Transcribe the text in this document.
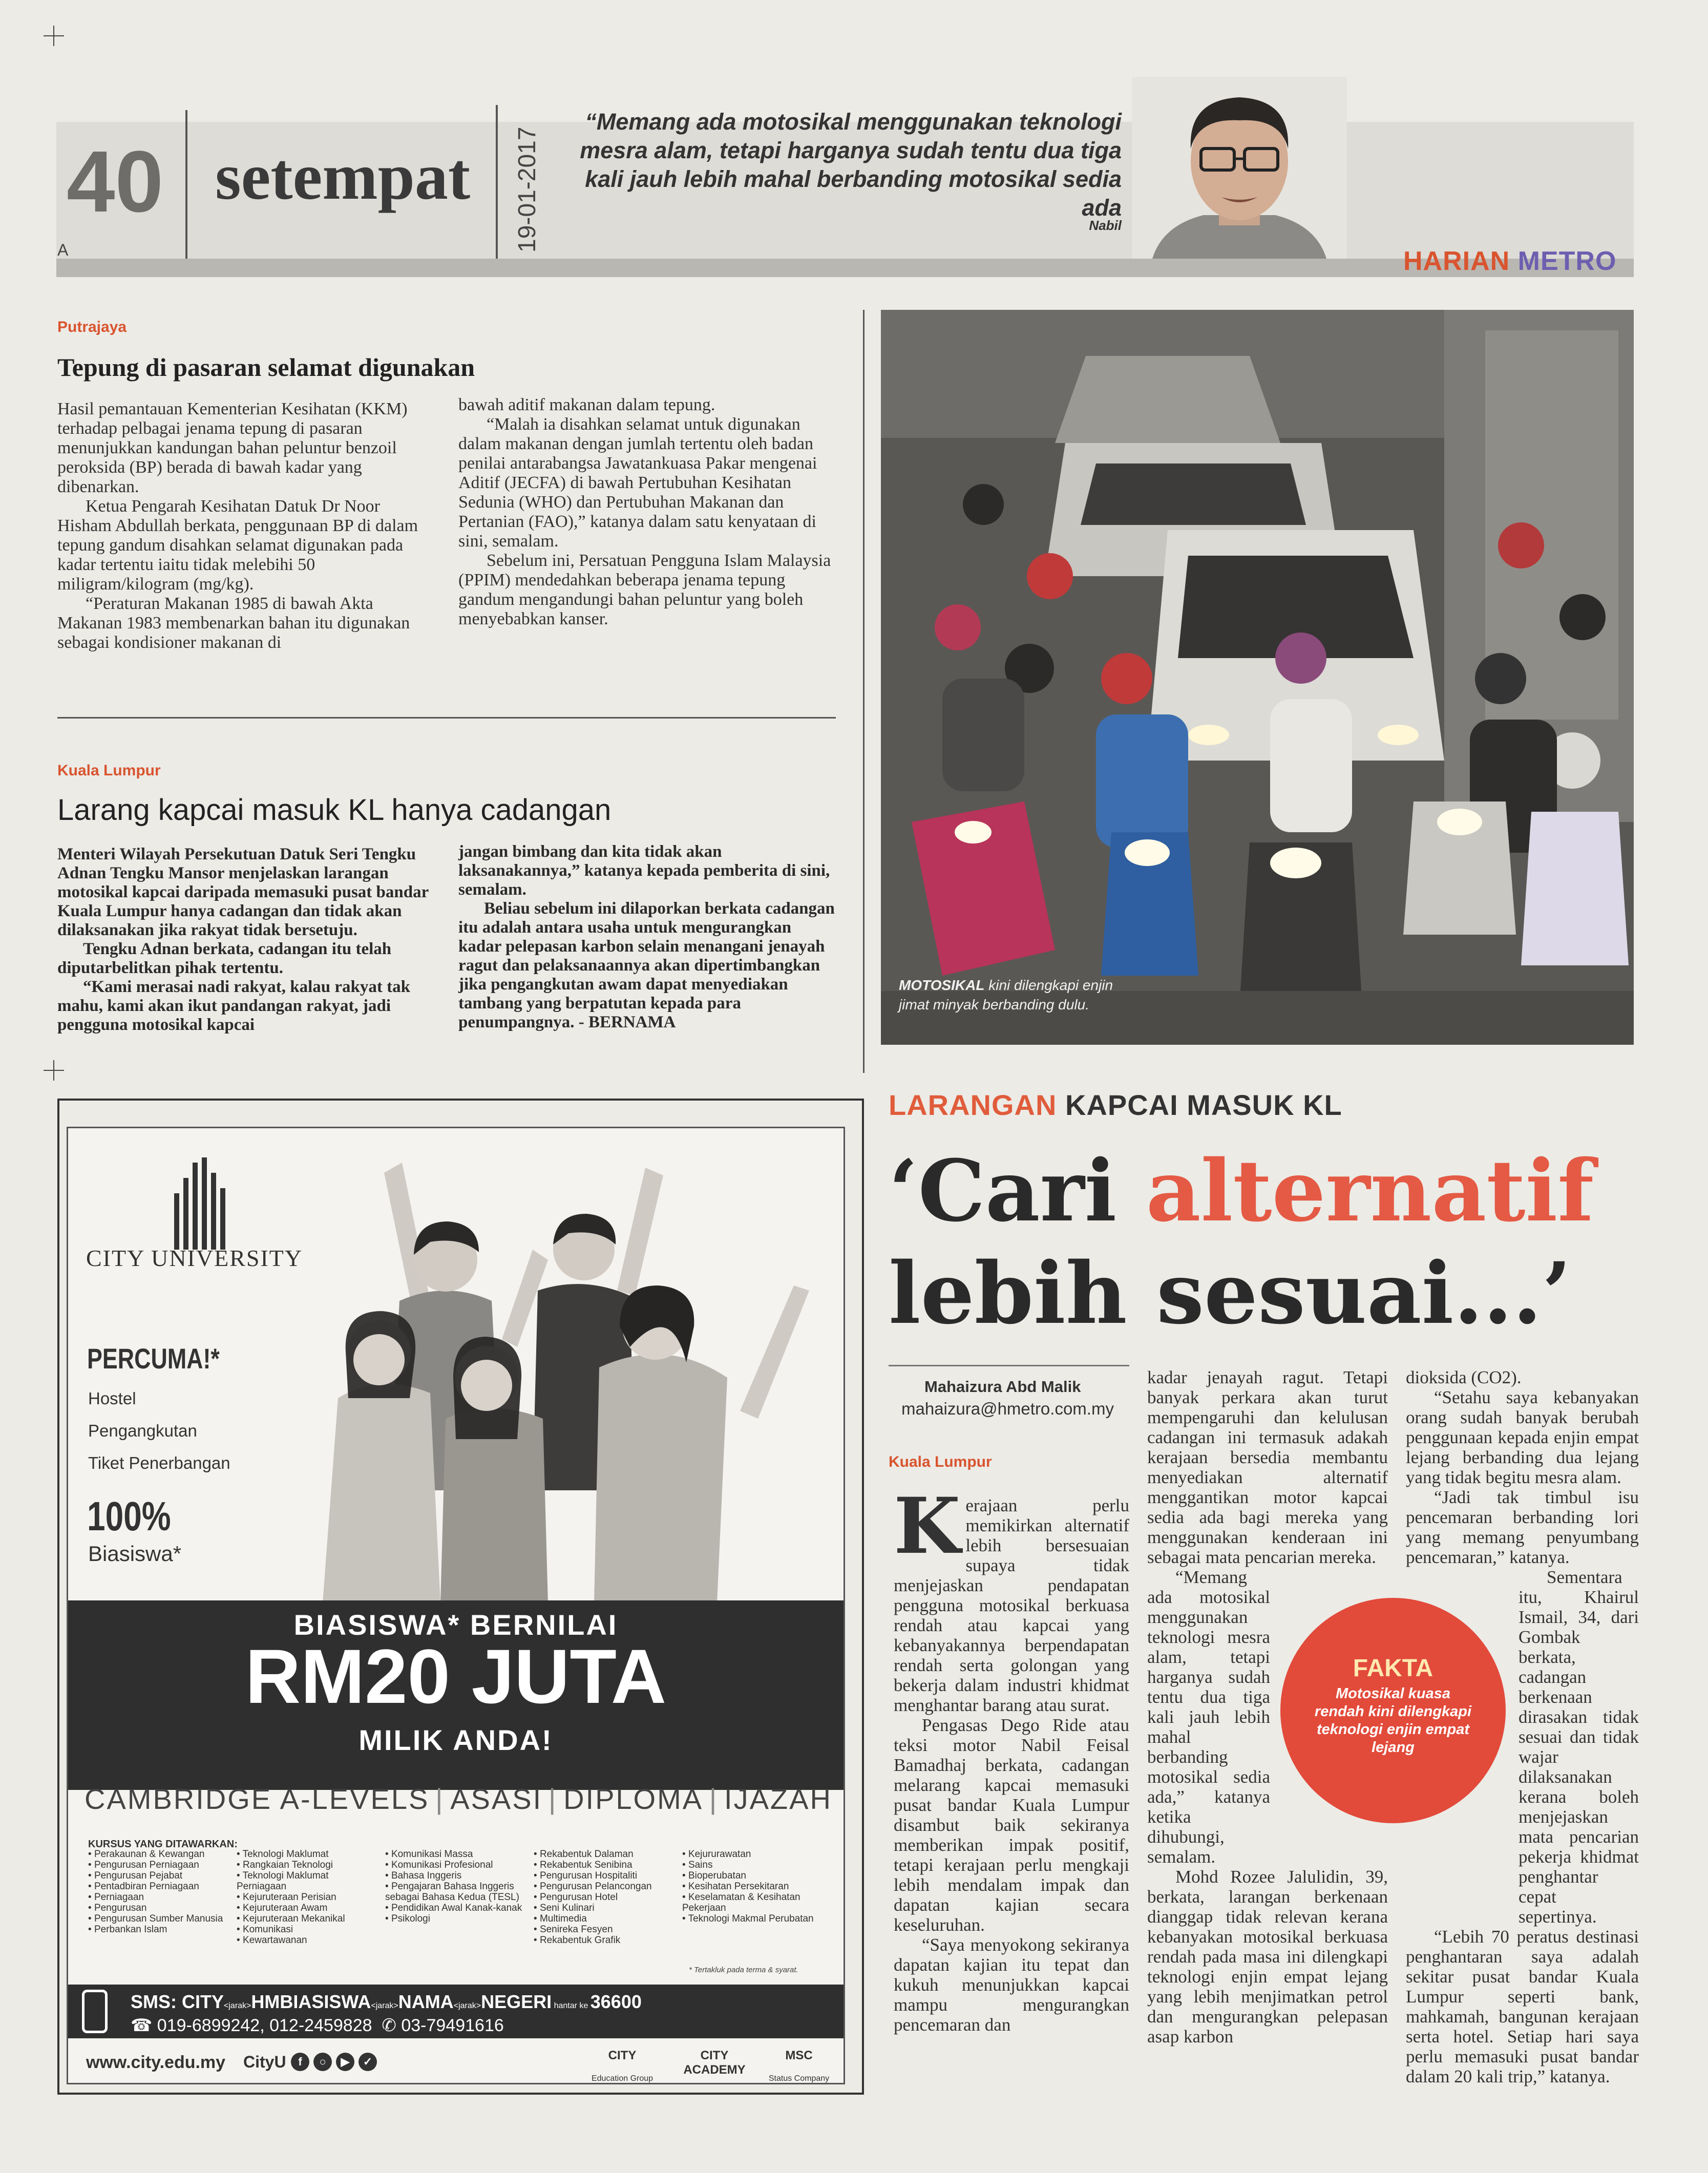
40
A
setempat 19-01-2017
“Memang ada motosikal menggunakan teknologi mesra alam, tetapi harganya sudah tentu dua tiga kali jauh lebih mahal berbanding motosikal sedia ada
Nabil
HARIAN METRO
Putrajaya
Tepung di pasaran selamat digunakan

Hasil pemantauan Kementerian Kesihatan (KKM) terhadap pelbagai jenama tepung di pasaran menunjukkan kandungan bahan peluntur benzoil peroksida (BP) berada di bawah kadar yang dibenarkan.

Ketua Pengarah Kesihatan Datuk Dr Noor Hisham Abdullah berkata, penggunaan BP di dalam tepung gandum disahkan selamat digunakan pada kadar tertentu iaitu tidak melebihi 50 miligram/kilogram (mg/kg).

“Peraturan Makanan 1985 di bawah Akta Makanan 1983 membenarkan bahan itu digunakan sebagai kondisioner makanan di

bawah aditif makanan dalam tepung.

“Malah ia disahkan selamat untuk digunakan dalam makanan dengan jumlah tertentu oleh badan penilai antarabangsa Jawatankuasa Pakar mengenai Aditif (JECFA) di bawah Pertubuhan Kesihatan Sedunia (WHO) dan Pertubuhan Makanan dan Pertanian (FAO),” katanya dalam satu kenyataan di sini, semalam.

Sebelum ini, Persatuan Pengguna Islam Malaysia (PPIM) mendedahkan beberapa jenama tepung gandum mengandungi bahan peluntur yang boleh menyebabkan kanser.

Kuala Lumpur
Larang kapcai masuk KL hanya cadangan

Menteri Wilayah Persekutuan Datuk Seri Tengku Adnan Tengku Mansor menjelaskan larangan motosikal kapcai daripada memasuki pusat bandar Kuala Lumpur hanya cadangan dan tidak akan dilaksanakan jika rakyat tidak bersetuju.

Tengku Adnan berkata, cadangan itu telah diputarbelitkan pihak tertentu.

“Kami merasai nadi rakyat, kalau rakyat tak mahu, kami akan ikut pandangan rakyat, jadi pengguna motosikal kapcai

jangan bimbang dan kita tidak akan laksanakannya,” katanya kepada pemberita di sini, semalam.

Beliau sebelum ini dilaporkan berkata cadangan itu adalah antara usaha untuk mengurangkan kadar pelepasan karbon selain menangani jenayah ragut dan pelaksanaannya akan dipertimbangkan jika pengangkutan awam dapat menyediakan tambang yang berpatutan kepada para penumpangnya. - BERNAMA

MOTOSIKAL kini dilengkapi enjin jimat minyak berbanding dulu.
CITY UNIVERSITY
PERCUMA!*
Hostel
Pengangkutan
Tiket Penerbangan
100%
Biasiswa*
BIASISWA* BERNILAI
RM20 JUTA
MILIK ANDA!
CAMBRIDGE A-LEVELS | ASASI | DIPLOMA | IJAZAH
KURSUS YANG DITAWARKAN:
• Perakaunan & Kewangan
• Pengurusan Perniagaan
• Pengurusan Pejabat
• Pentadbiran Perniagaan
• Perniagaan
• Pengurusan
• Pengurusan Sumber Manusia
• Perbankan Islam
• Teknologi Maklumat
• Rangkaian Teknologi
• Teknologi Maklumat Perniagaan
• Kejuruteraan Perisian
• Kejuruteraan Awam
• Kejuruteraan Mekanikal
• Komunikasi
• Kewartawanan
• Komunikasi Massa
• Komunikasi Profesional
• Bahasa Inggeris
• Pengajaran Bahasa Inggeris sebagai Bahasa Kedua (TESL)
• Pendidikan Awal Kanak-kanak
• Psikologi
• Rekabentuk Dalaman
• Rekabentuk Senibina
• Pengurusan Hospitaliti
• Pengurusan Pelancongan
• Pengurusan Hotel
• Seni Kulinari
• Multimedia
• Senireka Fesyen
• Rekabentuk Grafik
• Kejururawatan
• Sains
• Bioperubatan
• Kesihatan Persekitaran
• Keselamatan & Kesihatan Pekerjaan
• Teknologi Makmal Perubatan
* Tertakluk pada terma & syarat.
SMS: CITY<jarak>HMBIASISWA<jarak>NAMA<jarak>NEGERI hantar ke 36600
☎ 019-6899242, 012-2459828  ✆ 03-79491616
www.city.edu.my CityU	f	○	▶	✓	CITY
Education Group
CITY ACADEMY
MSC
Status Company
LARANGAN KAPCAI MASUK KL
‘Cari alternatif lebih sesuai...’
Mahaizura Abd Malik
mahaizura@hmetro.com.my
Kuala Lumpur

Kerajaan perlu memikirkan alternatif lebih bersesuaian supaya tidak menjejaskan pendapatan pengguna motosikal berkuasa rendah atau kapcai yang kebanyakannya berpendapatan rendah serta golongan yang bekerja dalam industri khidmat menghantar barang atau surat.

Pengasas Dego Ride atau teksi motor Nabil Feisal Bamadhaj berkata, cadangan melarang kapcai memasuki pusat bandar Kuala Lumpur disambut baik sekiranya memberikan impak positif, tetapi kerajaan perlu mengkaji lebih mendalam impak dan dapatan kajian secara keseluruhan.

“Saya menyokong sekiranya dapatan kajian itu tepat dan kukuh menunjukkan kapcai mampu mengurangkan pencemaran dan

kadar jenayah ragut. Tetapi banyak perkara akan turut mempengaruhi dan kelulusan cadangan ini termasuk adakah kerajaan bersedia membantu menyediakan alternatif menggantikan motor kapcai sedia ada bagi mereka yang menggunakan kenderaan ini sebagai mata pencarian mereka.

“Memang ada motosikal menggunakan teknologi mesra alam, tetapi harganya sudah tentu dua tiga kali jauh lebih mahal berbanding motosikal sedia ada,” katanya ketika dihubungi, semalam.

Mohd Rozee Jalulidin, 39, berkata, larangan berkenaan dianggap tidak relevan kerana kebanyakan motosikal berkuasa rendah pada masa ini dilengkapi teknologi enjin empat lejang yang lebih menjimatkan petrol dan mengurangkan pelepasan asap karbon

dioksida (CO2).

“Setahu saya kebanyakan orang sudah banyak berubah penggunaan kepada enjin empat lejang berbanding dua lejang yang tidak begitu mesra alam.

“Jadi tak timbul isu pencemaran berbanding lori yang memang penyumbang pencemaran,” katanya.

Sementara itu, Khairul Ismail, 34, dari Gombak berkata, cadangan berkenaan dirasakan tidak sesuai dan tidak wajar dilaksanakan kerana boleh menjejaskan mata pencarian pekerja khidmat penghantar cepat sepertinya.

“Lebih 70 peratus destinasi penghantaran saya adalah sekitar pusat bandar Kuala Lumpur seperti bank, mahkamah, bangunan kerajaan serta hotel. Setiap hari saya perlu memasuki pusat bandar dalam 20 kali trip,” katanya.

FAKTA
Motosikal kuasa rendah kini dilengkapi teknologi enjin empat lejang
